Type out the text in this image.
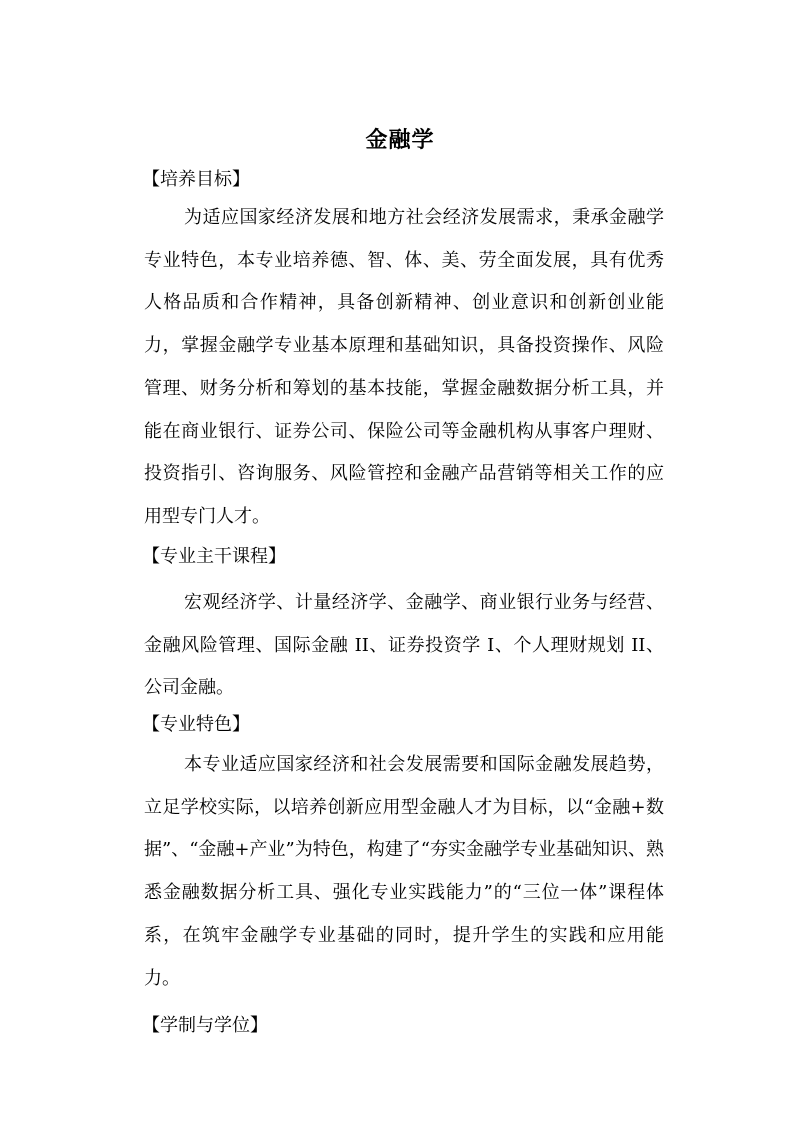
金融学
【培养目标】

为适应国家经济发展和地方社会经济发展需求，秉承金融学专业特色，本专业培养德、智、体、美、劳全面发展，具有优秀人格品质和合作精神，具备创新精神、创业意识和创新创业能力，掌握金融学专业基本原理和基础知识，具备投资操作、风险管理、财务分析和筹划的基本技能，掌握金融数据分析工具，并能在商业银行、证券公司、保险公司等金融机构从事客户理财、投资指引、咨询服务、风险管控和金融产品营销等相关工作的应用型专门人才。

【专业主干课程】

宏观经济学、计量经济学、金融学、商业银行业务与经营、金融风险管理、国际金融 II、证券投资学 I、个人理财规划 II、公司金融。

【专业特色】

本专业适应国家经济和社会发展需要和国际金融发展趋势，立足学校实际，以培养创新应用型金融人才为目标，以“金融+数据”、“金融+产业”为特色，构建了“夯实金融学专业基础知识、熟悉金融数据分析工具、强化专业实践能力”的“三位一体”课程体系，在筑牢金融学专业基础的同时，提升学生的实践和应用能力。

【学制与学位】
